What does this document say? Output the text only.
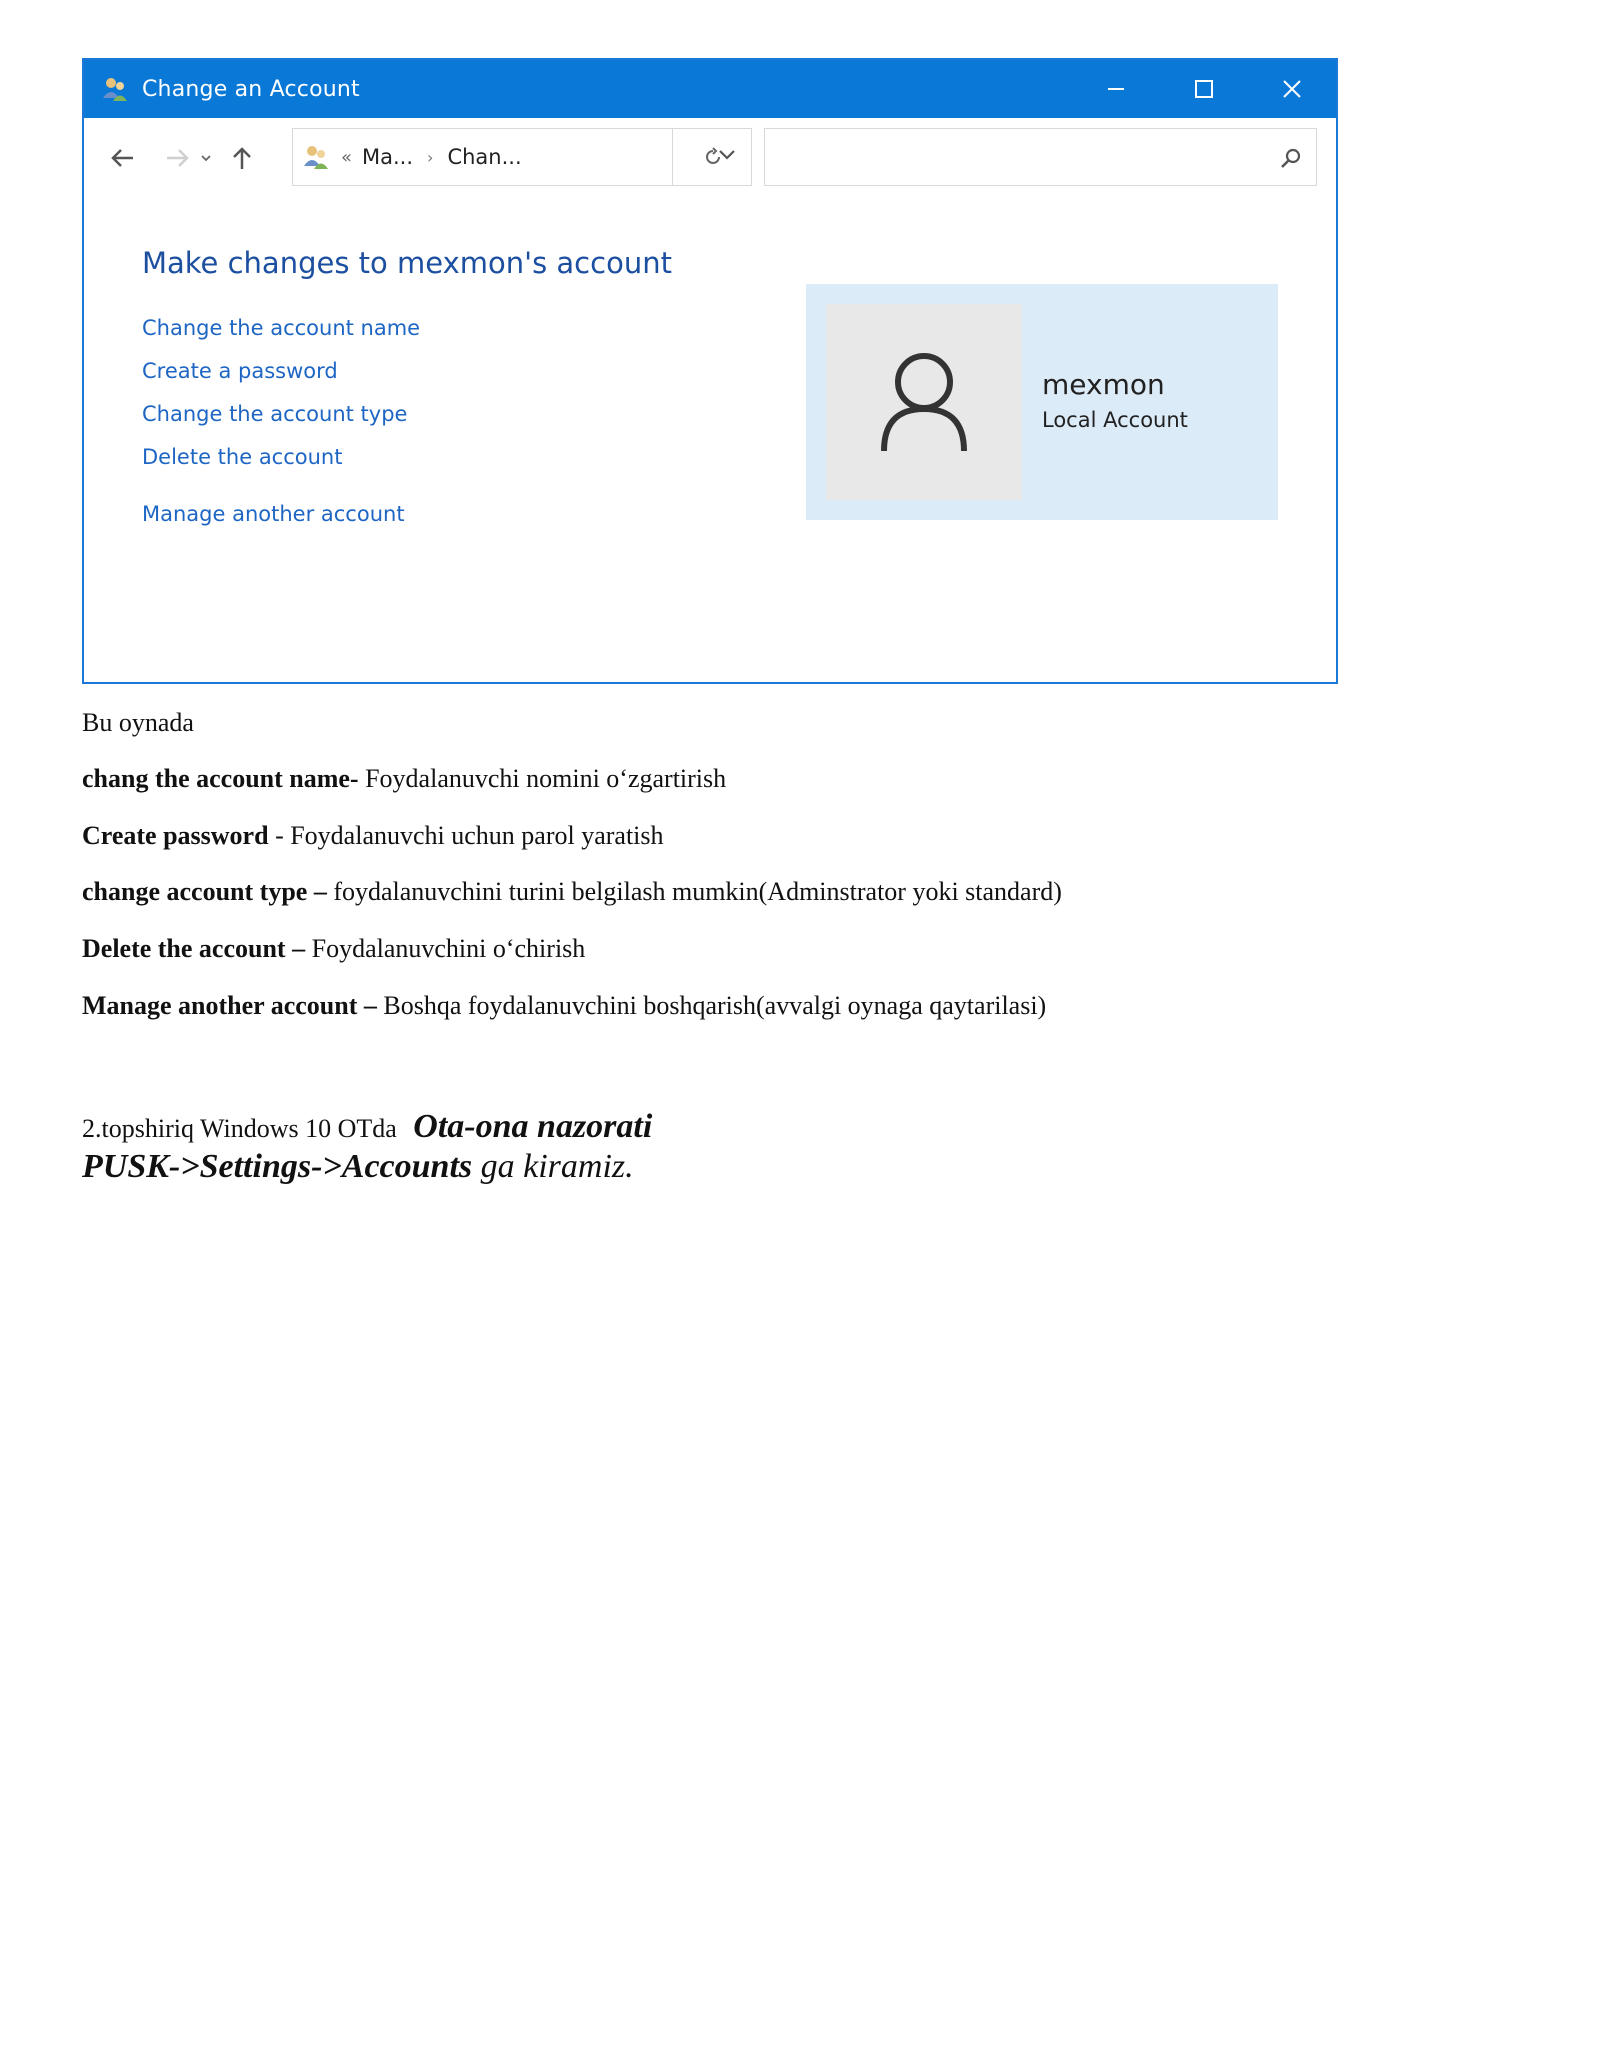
Change an Account
« Ma... › Chan...
Make changes to mexmon's account
Change the account name
Create a password
Change the account type
Delete the account
Manage another account
mexmon
Local Account
Bu oynada
chang the account name- Foydalanuvchi nomini o‘zgartirish
Create password - Foydalanuvchi uchun parol yaratish
change account type – foydalanuvchini turini belgilash mumkin(Adminstrator yoki standard)
Delete the account – Foydalanuvchini o‘chirish
Manage another account – Boshqa foydalanuvchini boshqarish(avvalgi oynaga qaytarilasi)
2.topshiriq Windows 10 OTda Ota-ona nazorati
PUSK->Settings->Accounts ga kiramiz.
